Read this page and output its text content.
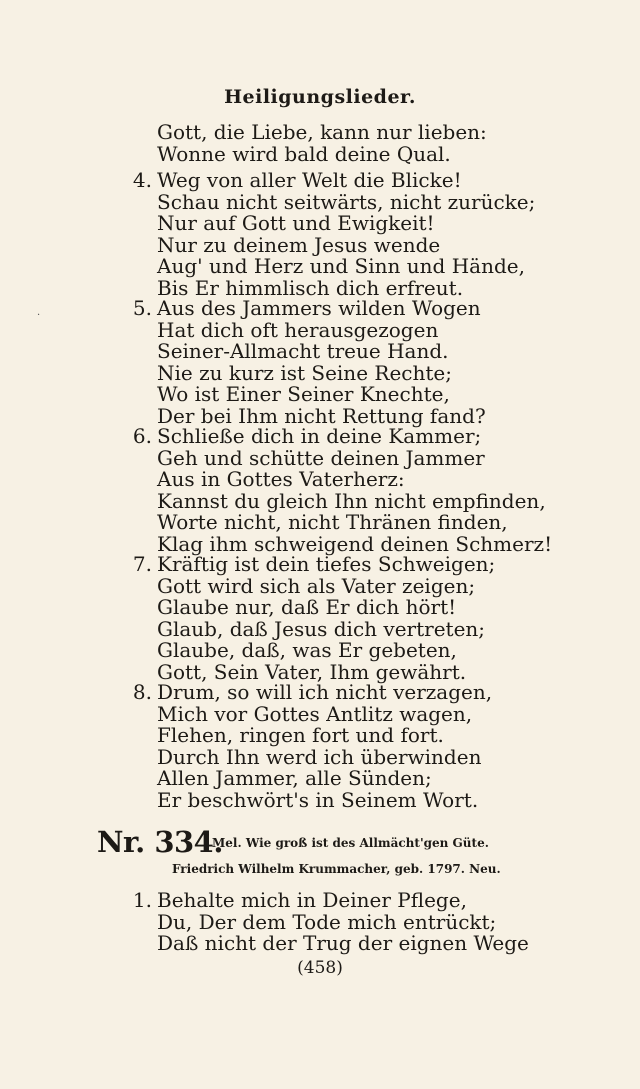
Heiligungslieder.
·
Gott, die Liebe, kann nur lieben:
Wonne wird bald deine Qual.
4. Weg von aller Welt die Blicke!
Schau nicht seitwärts, nicht zurücke;
Nur auf Gott und Ewigkeit!
Nur zu deinem Jesus wende
Aug' und Herz und Sinn und Hände,
Bis Er himmlisch dich erfreut.
5. Aus des Jammers wilden Wogen
Hat dich oft herausgezogen
Seiner-Allmacht treue Hand.
Nie zu kurz ist Seine Rechte;
Wo ist Einer Seiner Knechte,
Der bei Ihm nicht Rettung fand?
6. Schließe dich in deine Kammer;
Geh und schütte deinen Jammer
Aus in Gottes Vaterherz:
Kannst du gleich Ihn nicht empfinden,
Worte nicht, nicht Thränen finden,
Klag ihm schweigend deinen Schmerz!
7. Kräftig ist dein tiefes Schweigen;
Gott wird sich als Vater zeigen;
Glaube nur, daß Er dich hört!
Glaub, daß Jesus dich vertreten;
Glaube, daß, was Er gebeten,
Gott, Sein Vater, Ihm gewährt.
8. Drum, so will ich nicht verzagen,
Mich vor Gottes Antlitz wagen,
Flehen, ringen fort und fort.
Durch Ihn werd ich überwinden
Allen Jammer, alle Sünden;
Er beschwört's in Seinem Wort.
Nr. 334.
Mel. Wie groß ist des Allmächt'gen Güte.
Friedrich Wilhelm Krummacher, geb. 1797. Neu.
1. Behalte mich in Deiner Pflege,
Du, Der dem Tode mich entrückt;
Daß nicht der Trug der eignen Wege
(458)
